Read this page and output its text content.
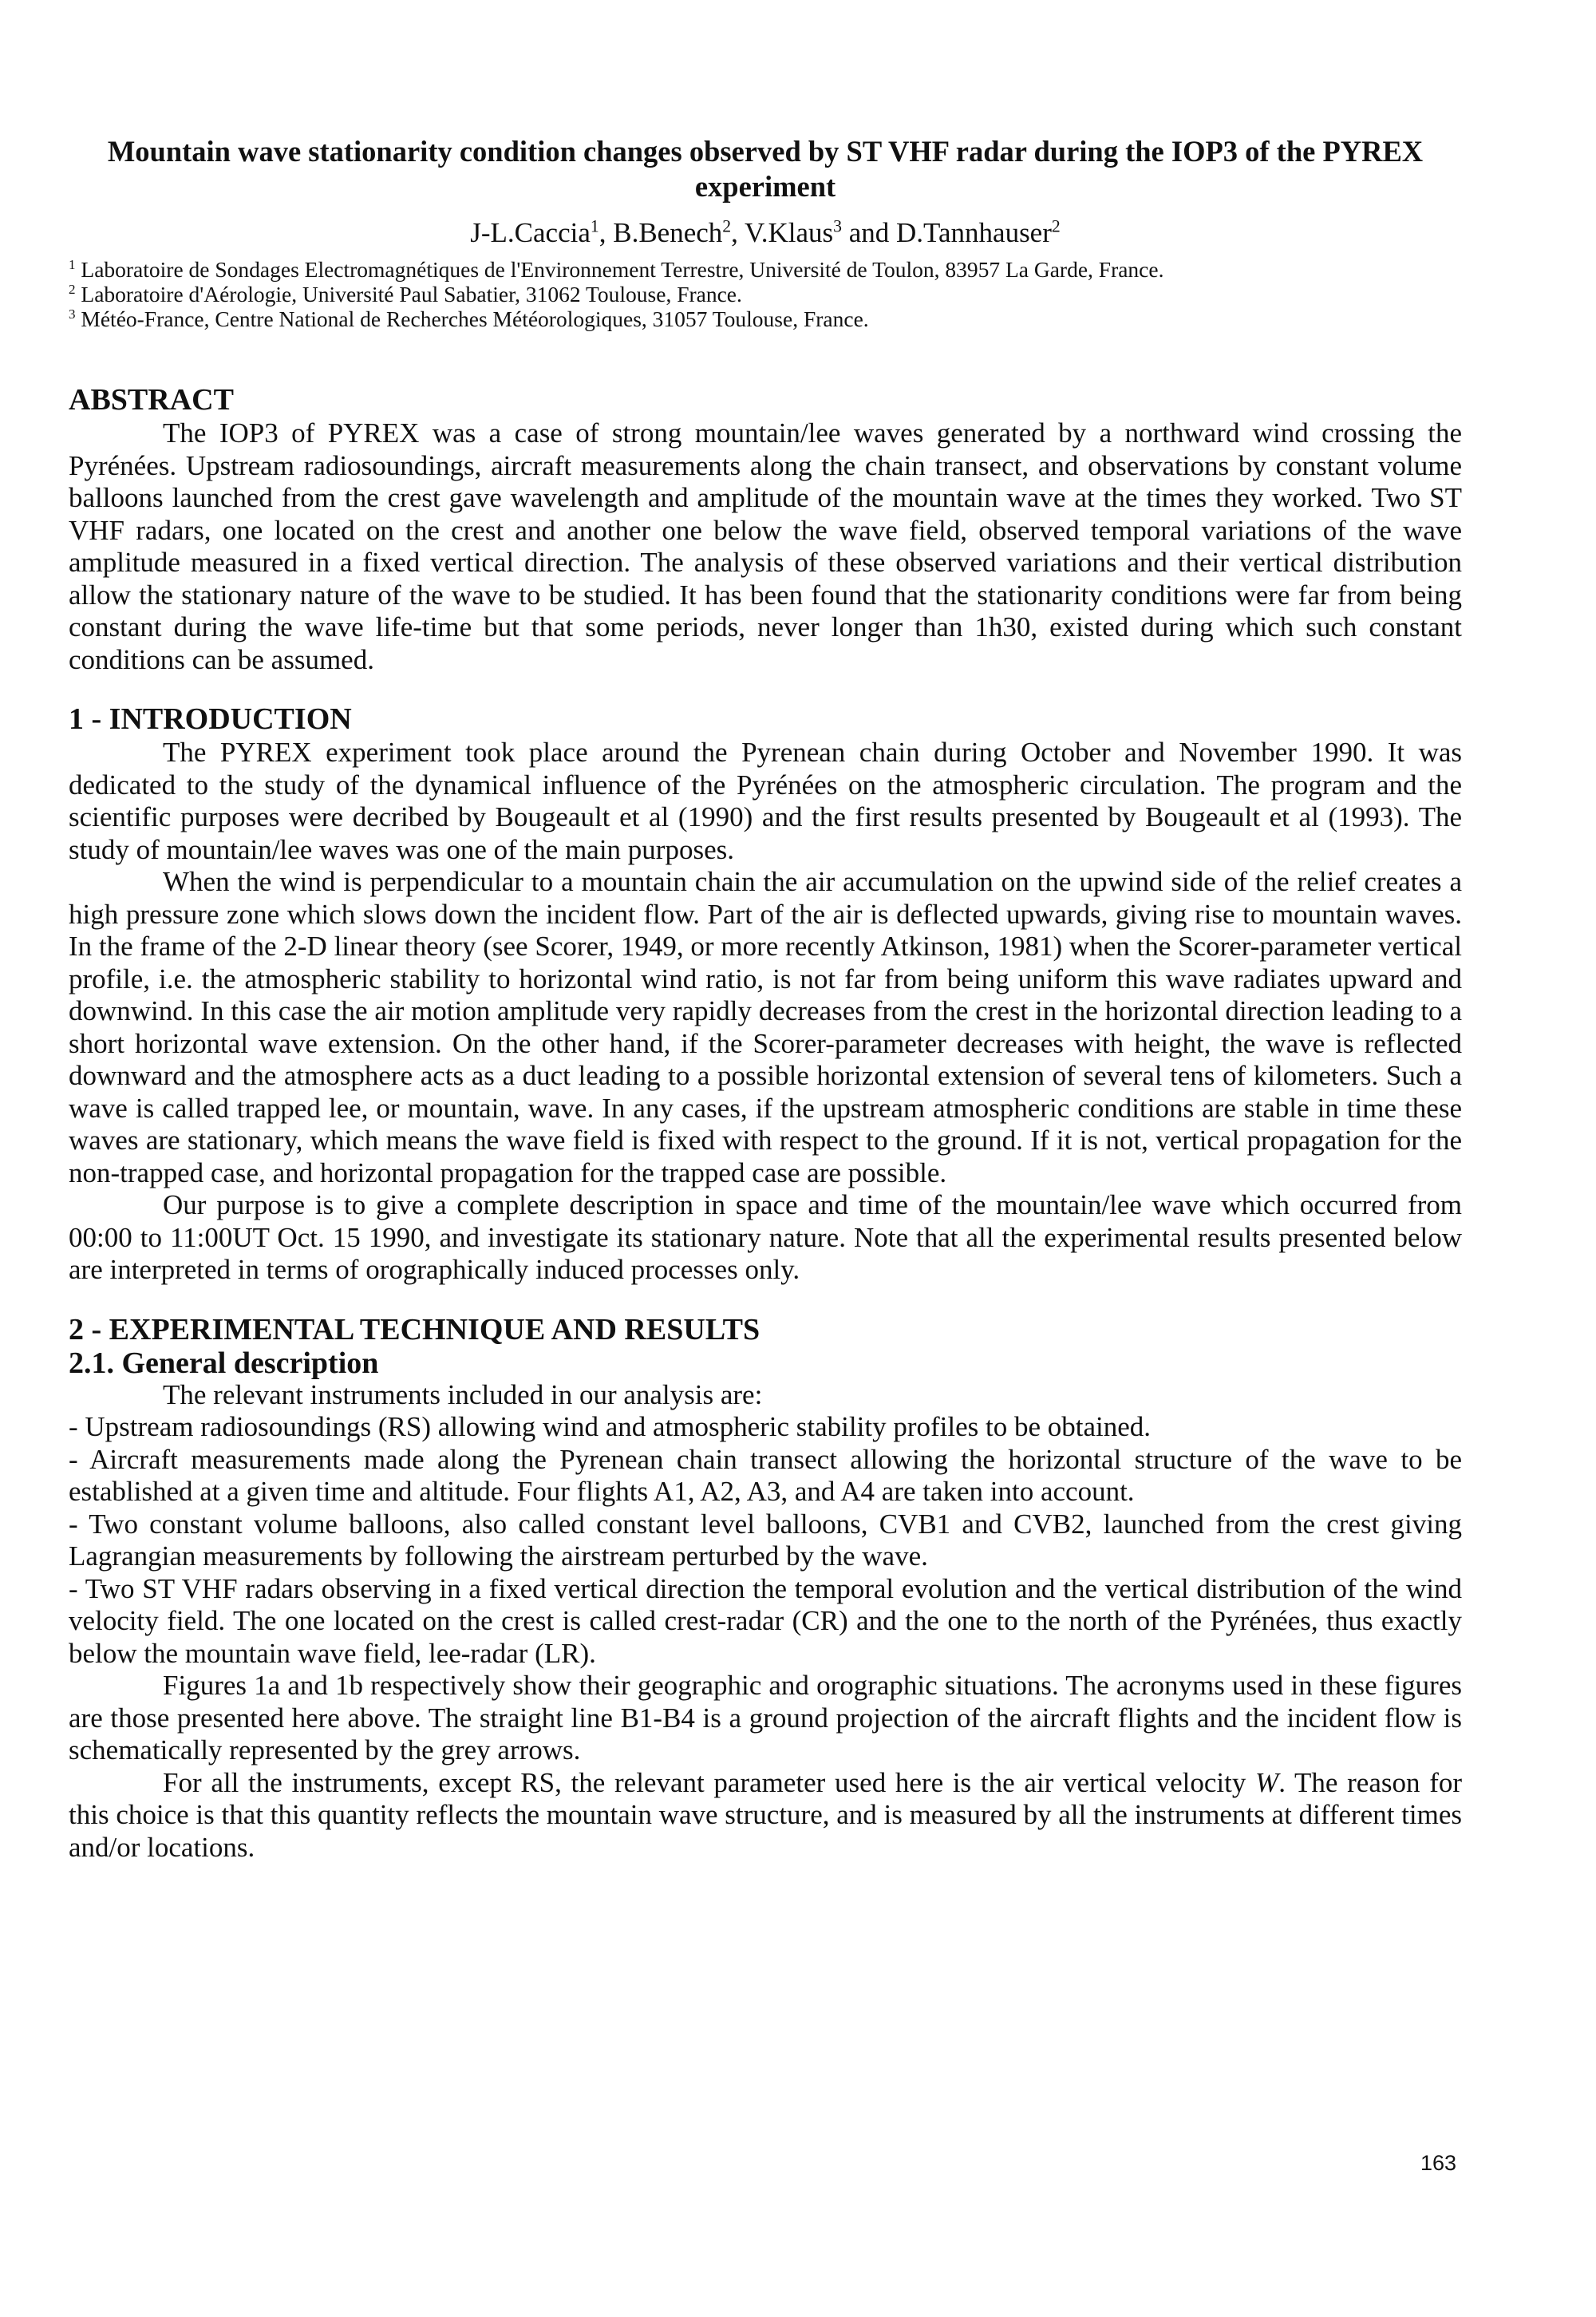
Mountain wave stationarity condition changes observed by ST VHF radar during the IOP3 of the PYREX experiment
J-L.Caccia$^1$, B.Benech$^2$, V.Klaus$^3$ and D.Tannhauser$^2$
$^1$ Laboratoire de Sondages Electromagnétiques de l'Environnement Terrestre, Université de Toulon, 83957 La Garde, France.
$^2$ Laboratoire d'Aérologie, Université Paul Sabatier, 31062 Toulouse, France.
$^3$ Météo-France, Centre National de Recherches Météorologiques, 31057 Toulouse, France.
ABSTRACT

The IOP3 of PYREX was a case of strong mountain/lee waves generated by a northward wind crossing the Pyrénées. Upstream radiosoundings, aircraft measurements along the chain transect, and observations by constant volume balloons launched from the crest gave wavelength and amplitude of the mountain wave at the times they worked. Two ST VHF radars, one located on the crest and another one below the wave field, observed temporal variations of the wave amplitude measured in a fixed vertical direction. The analysis of these observed variations and their vertical distribution allow the stationary nature of the wave to be studied. It has been found that the stationarity conditions were far from being constant during the wave life-time but that some periods, never longer than 1h30, existed during which such constant conditions can be assumed.

1 - INTRODUCTION

The PYREX experiment took place around the Pyrenean chain during October and November 1990. It was dedicated to the study of the dynamical influence of the Pyrénées on the atmospheric circulation. The program and the scientific purposes were decribed by Bougeault et al (1990) and the first results presented by Bougeault et al (1993). The study of mountain/lee waves was one of the main purposes.

When the wind is perpendicular to a mountain chain the air accumulation on the upwind side of the relief creates a high pressure zone which slows down the incident flow. Part of the air is deflected upwards, giving rise to mountain waves. In the frame of the 2-D linear theory (see Scorer, 1949, or more recently Atkinson, 1981) when the Scorer-parameter vertical profile, i.e. the atmospheric stability to horizontal wind ratio, is not far from being uniform this wave radiates upward and downwind. In this case the air motion amplitude very rapidly decreases from the crest in the horizontal direction leading to a short horizontal wave extension. On the other hand, if the Scorer-parameter decreases with height, the wave is reflected downward and the atmosphere acts as a duct leading to a possible horizontal extension of several tens of kilometers. Such a wave is called trapped lee, or mountain, wave. In any cases, if the upstream atmospheric conditions are stable in time these waves are stationary, which means the wave field is fixed with respect to the ground. If it is not, vertical propagation for the non-trapped case, and horizontal propagation for the trapped case are possible.

Our purpose is to give a complete description in space and time of the mountain/lee wave which occurred from 00:00 to 11:00UT Oct. 15 1990, and investigate its stationary nature. Note that all the experimental results presented below are interpreted in terms of orographically induced processes only.

2 - EXPERIMENTAL TECHNIQUE AND RESULTS
2.1. General description

The relevant instruments included in our analysis are:

- Upstream radiosoundings (RS) allowing wind and atmospheric stability profiles to be obtained.

- Aircraft measurements made along the Pyrenean chain transect allowing the horizontal structure of the wave to be established at a given time and altitude. Four flights A1, A2, A3, and A4 are taken into account.

- Two constant volume balloons, also called constant level balloons, CVB1 and CVB2, launched from the crest giving Lagrangian measurements by following the airstream perturbed by the wave.

- Two ST VHF radars observing in a fixed vertical direction the temporal evolution and the vertical distribution of the wind velocity field. The one located on the crest is called crest-radar (CR) and the one to the north of the Pyrénées, thus exactly below the mountain wave field, lee-radar (LR).

Figures 1a and 1b respectively show their geographic and orographic situations. The acronyms used in these figures are those presented here above. The straight line B1-B4 is a ground projection of the aircraft flights and the incident flow is schematically represented by the grey arrows.

For all the instruments, except RS, the relevant parameter used here is the air vertical velocity W. The reason for this choice is that this quantity reflects the mountain wave structure, and is measured by all the instruments at different times and/or locations.

163
